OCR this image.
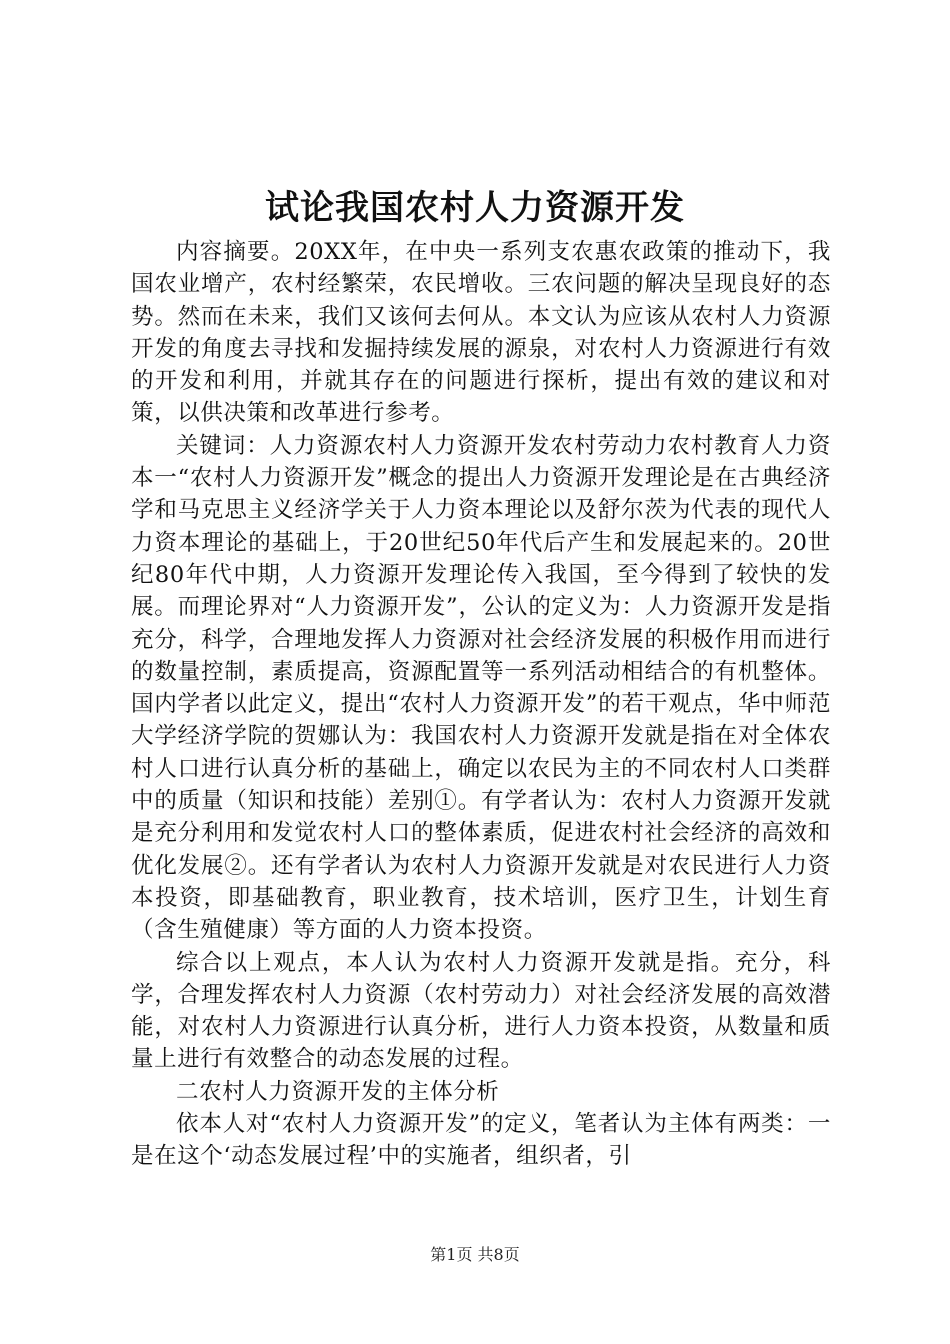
试论我国农村人力资源开发

内容摘要。20XX年，在中央一系列支农惠农政策的推动下，我国农业增产，农村经繁荣，农民增收。三农问题的解决呈现良好的态势。然而在未来，我们又该何去何从。本文认为应该从农村人力资源开发的角度去寻找和发掘持续发展的源泉，对农村人力资源进行有效的开发和利用，并就其存在的问题进行探析，提出有效的建议和对策，以供决策和改革进行参考。

关键词：人力资源农村人力资源开发农村劳动力农村教育人力资本一“农村人力资源开发”概念的提出人力资源开发理论是在古典经济学和马克思主义经济学关于人力资本理论以及舒尔茨为代表的现代人力资本理论的基础上，于20世纪50年代后产生和发展起来的。20世纪80年代中期，人力资源开发理论传入我国，至今得到了较快的发展。而理论界对“人力资源开发”，公认的定义为：人力资源开发是指充分，科学，合理地发挥人力资源对社会经济发展的积极作用而进行的数量控制，素质提高，资源配置等一系列活动相结合的有机整体。国内学者以此定义，提出“农村人力资源开发”的若干观点，华中师范大学经济学院的贺娜认为：我国农村人力资源开发就是指在对全体农村人口进行认真分析的基础上，确定以农民为主的不同农村人口类群中的质量（知识和技能）差别①。有学者认为：农村人力资源开发就是充分利用和发觉农村人口的整体素质，促进农村社会经济的高效和优化发展②。还有学者认为农村人力资源开发就是对农民进行人力资本投资，即基础教育，职业教育，技术培训，医疗卫生，计划生育（含生殖健康）等方面的人力资本投资。

综合以上观点，本人认为农村人力资源开发就是指。充分，科学，合理发挥农村人力资源（农村劳动力）对社会经济发展的高效潜能，对农村人力资源进行认真分析，进行人力资本投资，从数量和质量上进行有效整合的动态发展的过程。

二农村人力资源开发的主体分析

依本人对“农村人力资源开发”的定义，笔者认为主体有两类：一是在这个‘动态发展过程’中的实施者，组织者，引

第1页 共8页
